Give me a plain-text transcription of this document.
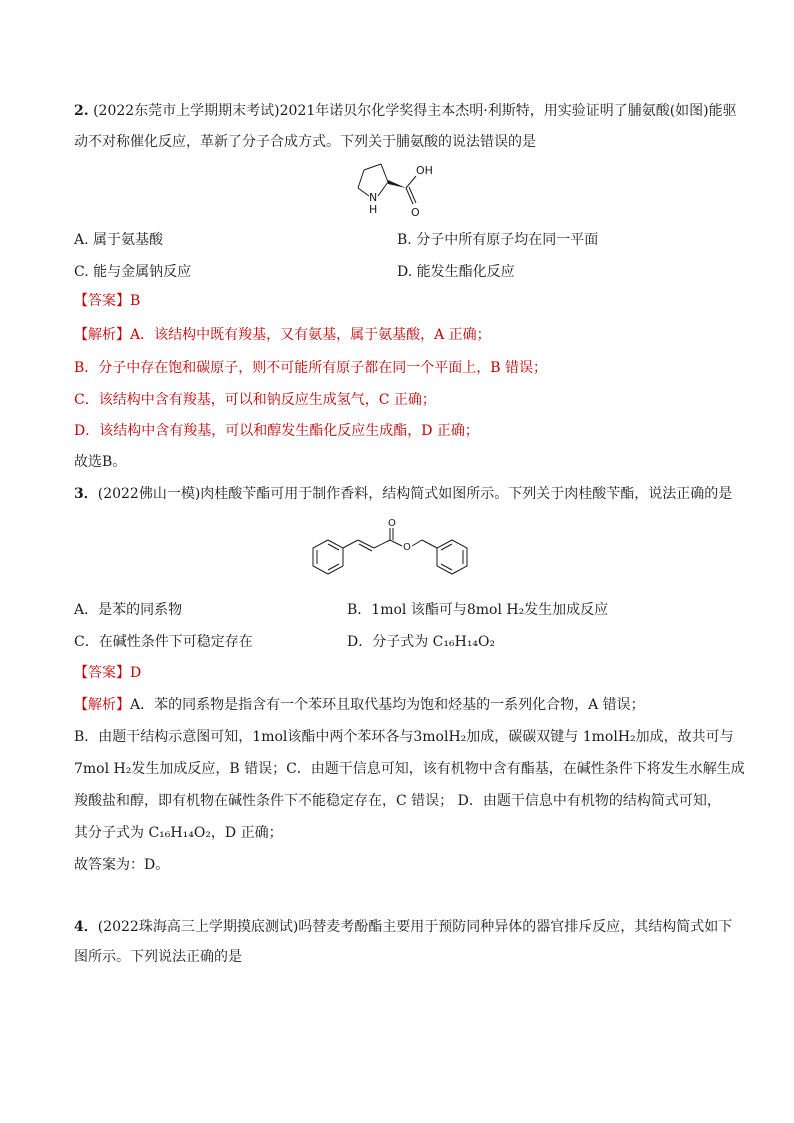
2. (2022东莞市上学期期末考试)2021年诺贝尔化学奖得主本杰明·利斯特，用实验证明了脯氨酸(如图)能驱
动不对称催化反应，革新了分子合成方式。下列关于脯氨酸的说法错误的是
OH
N
H	O
A. 属于氨基酸	B. 分子中所有原子均在同一平面
C. 能与金属钠反应	D. 能发生酯化反应
【答案】B
【解析】A．该结构中既有羧基，又有氨基，属于氨基酸，A 正确；
B．分子中存在饱和碳原子，则不可能所有原子都在同一个平面上，B 错误；
C．该结构中含有羧基，可以和钠反应生成氢气，C 正确；
D．该结构中含有羧基，可以和醇发生酯化反应生成酯，D 正确；
故选B。
3．(2022佛山一模)肉桂酸苄酯可用于制作香料，结构简式如图所示。下列关于肉桂酸苄酯，说法正确的是
O
O
A．是苯的同系物	B．1mol 该酯可与8mol H₂发生加成反应
C．在碱性条件下可稳定存在	D．分子式为 C₁₆H₁₄O₂
【答案】D
【解析】A．苯的同系物是指含有一个苯环且取代基均为饱和烃基的一系列化合物，A 错误；
B．由题干结构示意图可知，1mol该酯中两个苯环各与3molH₂加成，碳碳双键与 1molH₂加成，故共可与
7mol H₂发生加成反应，B 错误；C．由题干信息可知，该有机物中含有酯基，在碱性条件下将发生水解生成
羧酸盐和醇，即有机物在碱性条件下不能稳定存在，C 错误； D．由题干信息中有机物的结构简式可知，
其分子式为 C₁₆H₁₄O₂，D 正确；
故答案为：D。
4．(2022珠海高三上学期摸底测试)吗替麦考酚酯主要用于预防同种异体的器官排斥反应，其结构简式如下
图所示。下列说法正确的是
